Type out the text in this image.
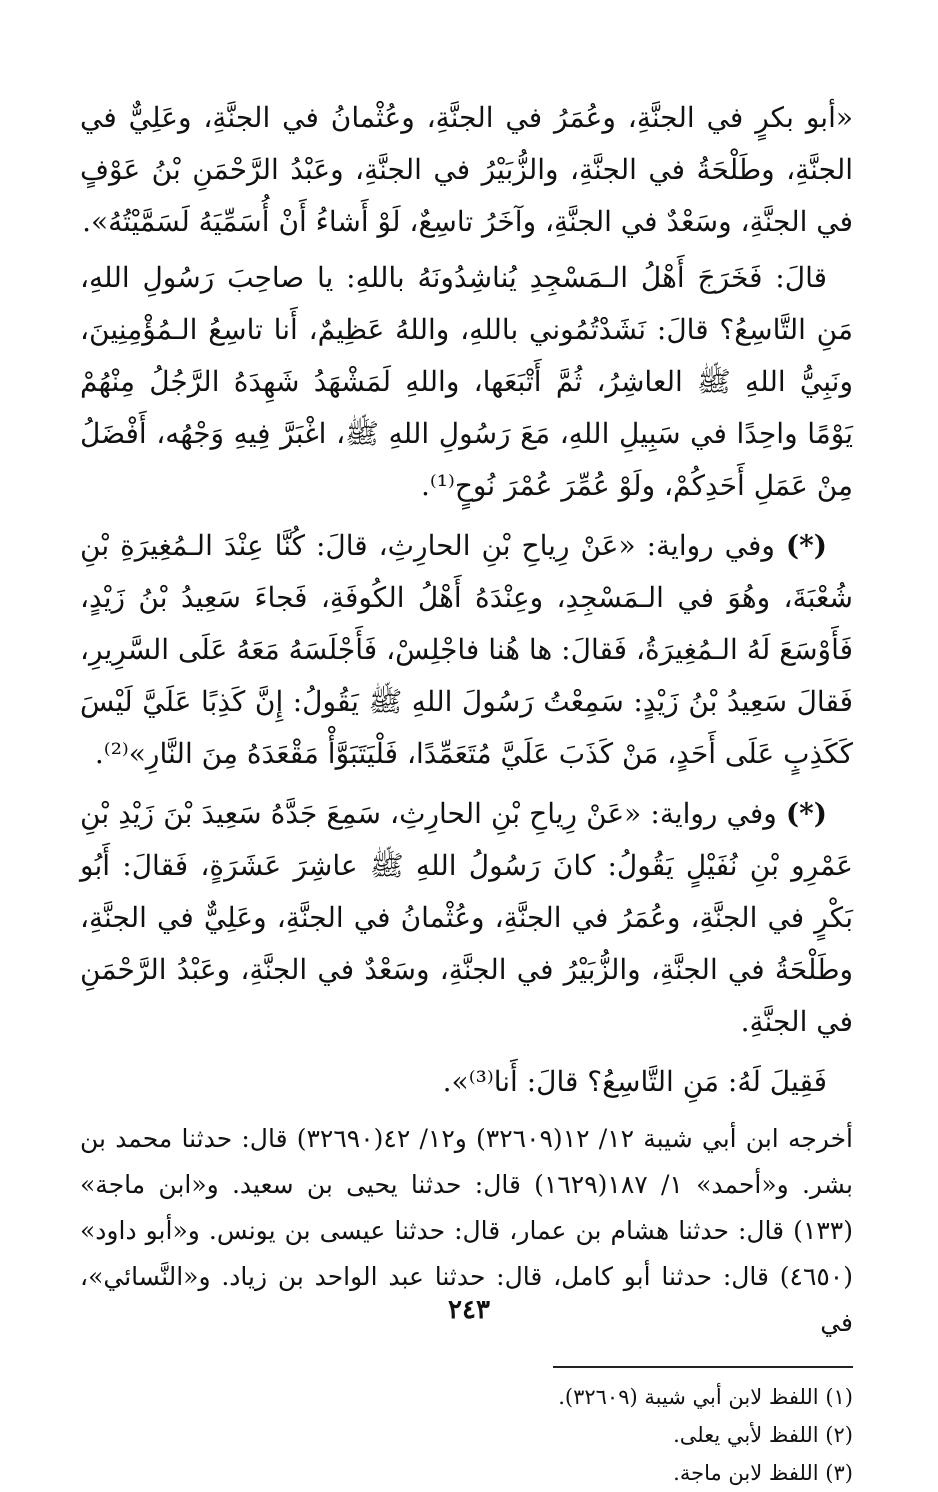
«أبو بكرٍ في الجنَّةِ، وعُمَرُ في الجنَّةِ، وعُثْمانُ في الجنَّةِ، وعَلِيٌّ في الجنَّةِ، وطَلْحَةُ في الجنَّةِ، والزُّبَيْرُ في الجنَّةِ، وعَبْدُ الرَّحْمَنِ بْنُ عَوْفٍ في الجنَّةِ، وسَعْدٌ في الجنَّةِ، وآخَرُ تاسِعٌ، لَوْ أَشاءُ أَنْ أُسَمِّيَهُ لَسَمَّيْتُهُ».

قالَ: فَخَرَجَ أَهْلُ الـمَسْجِدِ يُناشِدُونَهُ باللهِ: يا صاحِبَ رَسُولِ اللهِ، مَنِ التَّاسِعُ؟ قالَ: نَشَدْتُمُوني باللهِ، واللهُ عَظِيمٌ، أَنا تاسِعُ الـمُؤْمِنِينَ، ونَبِيُّ اللهِ ﷺ العاشِرُ، ثُمَّ أَتْبَعَها، واللهِ لَمَشْهَدُ شَهِدَهُ الرَّجُلُ مِنْهُمْ يَوْمًا واحِدًا في سَبِيلِ اللهِ، مَعَ رَسُولِ اللهِ ﷺ، اغْبَرَّ فِيهِ وَجْهُه، أَفْضَلُ مِنْ عَمَلِ أَحَدِكُمْ، ولَوْ عُمِّرَ عُمْرَ نُوحٍ⁽¹⁾.

(*) وفي رواية: «عَنْ رِياحِ بْنِ الحارِثِ، قالَ: كُنَّا عِنْدَ الـمُغِيرَةِ بْنِ شُعْبَةَ، وهُوَ في الـمَسْجِدِ، وعِنْدَهُ أَهْلُ الكُوفَةِ، فَجاءَ سَعِيدُ بْنُ زَيْدٍ، فَأَوْسَعَ لَهُ الـمُغِيرَةُ، فَقالَ: ها هُنا فاجْلِسْ، فَأَجْلَسَهُ مَعَهُ عَلَى السَّرِيرِ، فَقالَ سَعِيدُ بْنُ زَيْدٍ: سَمِعْتُ رَسُولَ اللهِ ﷺ يَقُولُ: إِنَّ كَذِبًا عَلَيَّ لَيْسَ كَكَذِبٍ عَلَى أَحَدٍ، مَنْ كَذَبَ عَلَيَّ مُتَعَمِّدًا، فَلْيَتَبَوَّأْ مَقْعَدَهُ مِنَ النَّارِ»⁽²⁾.

(*) وفي رواية: «عَنْ رِياحِ بْنِ الحارِثِ، سَمِعَ جَدَّهُ سَعِيدَ بْنَ زَيْدِ بْنِ عَمْرِو بْنِ نُفَيْلٍ يَقُولُ: كانَ رَسُولُ اللهِ ﷺ عاشِرَ عَشَرَةٍ، فَقالَ: أَبُو بَكْرٍ في الجنَّةِ، وعُمَرُ في الجنَّةِ، وعُثْمانُ في الجنَّةِ، وعَلِيٌّ في الجنَّةِ، وطَلْحَةُ في الجنَّةِ، والزُّبَيْرُ في الجنَّةِ، وسَعْدٌ في الجنَّةِ، وعَبْدُ الرَّحْمَنِ في الجنَّةِ.

فَقِيلَ لَهُ: مَنِ التَّاسِعُ؟ قالَ: أَنا⁽³⁾».

أخرجه ابن أبي شيبة ١٢/ ١٢(٣٢٦٠٩) و١٢/ ٤٢(٣٢٦٩٠) قال: حدثنا محمد بن بشر. و«أحمد» ١/ ١٨٧(١٦٢٩) قال: حدثنا يحيى بن سعيد. و«ابن ماجة» (١٣٣) قال: حدثنا هشام بن عمار، قال: حدثنا عيسى بن يونس. و«أبو داود» (٤٦٥٠) قال: حدثنا أبو كامل، قال: حدثنا عبد الواحد بن زياد. و«النَّسائي»، في

(١) اللفظ لابن أبي شيبة (٣٢٦٠٩).

(٢) اللفظ لأبي يعلى.

(٣) اللفظ لابن ماجة.

٢٤٣
